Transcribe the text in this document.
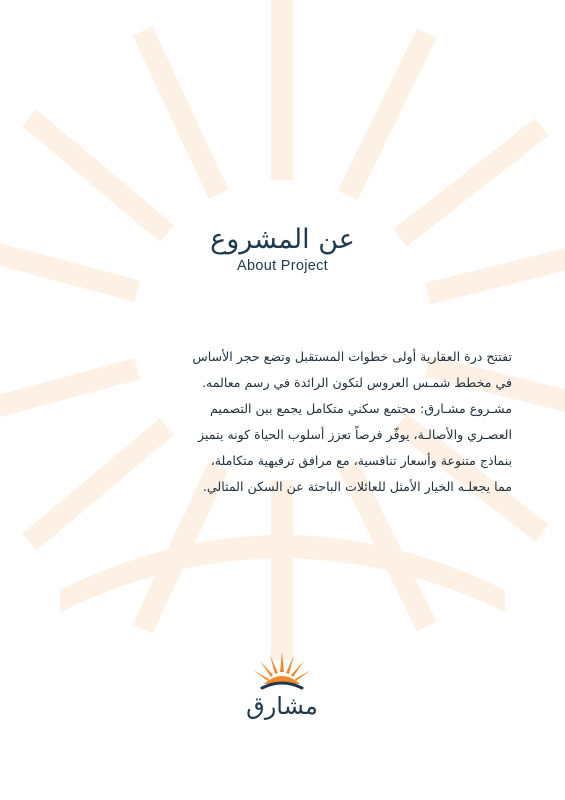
عن المشروع
About Project
تفتتح درة العقارية أولى خطوات المستقبل وتضع حجر الأساس
في مخطط شمـس العروس لتكون الرائدة في رسم معالمه.
مشـروع مشـارق: مجتمع سكني متكامل يجمع بين التصميم
العصـري والأصالـة، يوفّر فرصاً تعزز أسلوب الحياة كونه يتميز
بنماذج متنوعة وأسعار تنافسية، مع مرافق ترفيهية متكاملة،
مما يجعلـه الخيار الأمثل للعائلات الباحثة عن السكن المثالي.
مشارق
